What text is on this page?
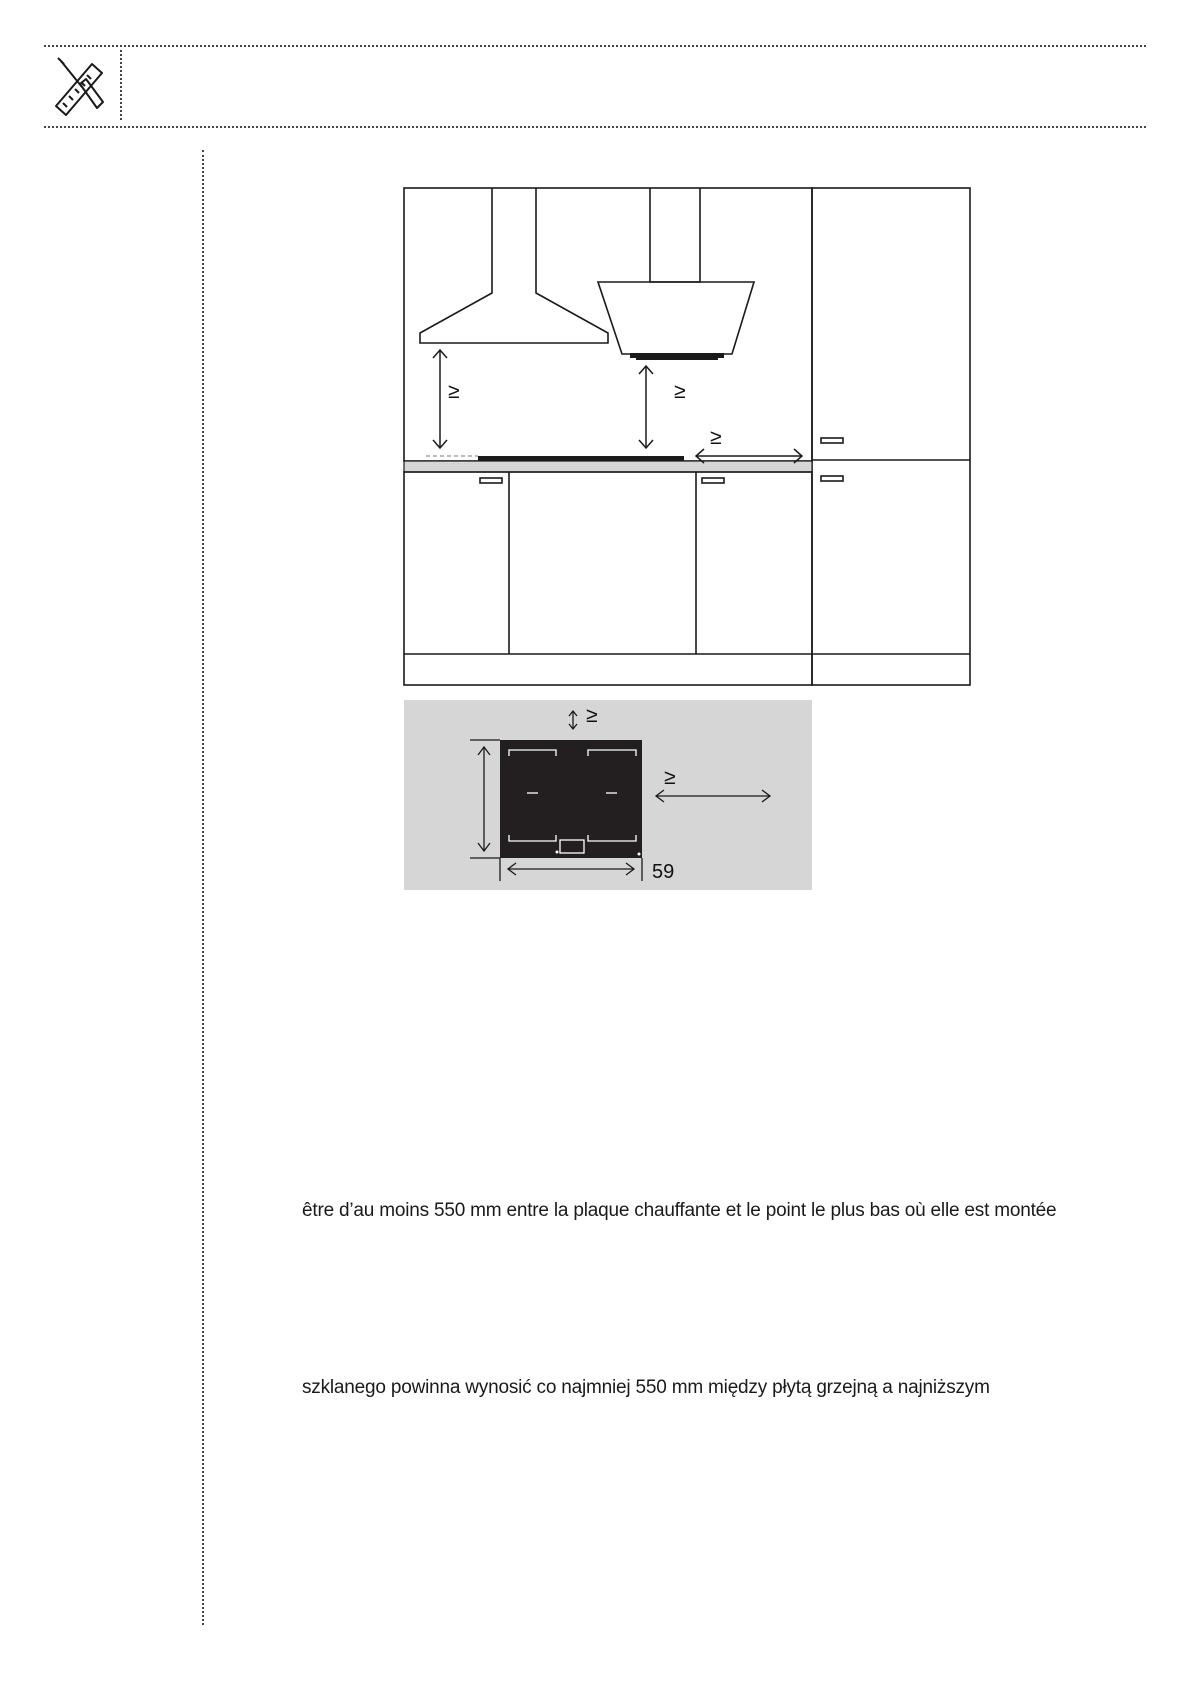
≥	≥
≥
≥
≥
59
être d’au moins 550 mm entre la plaque chauffante et le point le plus bas où elle est montée
szklanego powinna wynosić co najmniej 550 mm między płytą grzejną a najniższym
